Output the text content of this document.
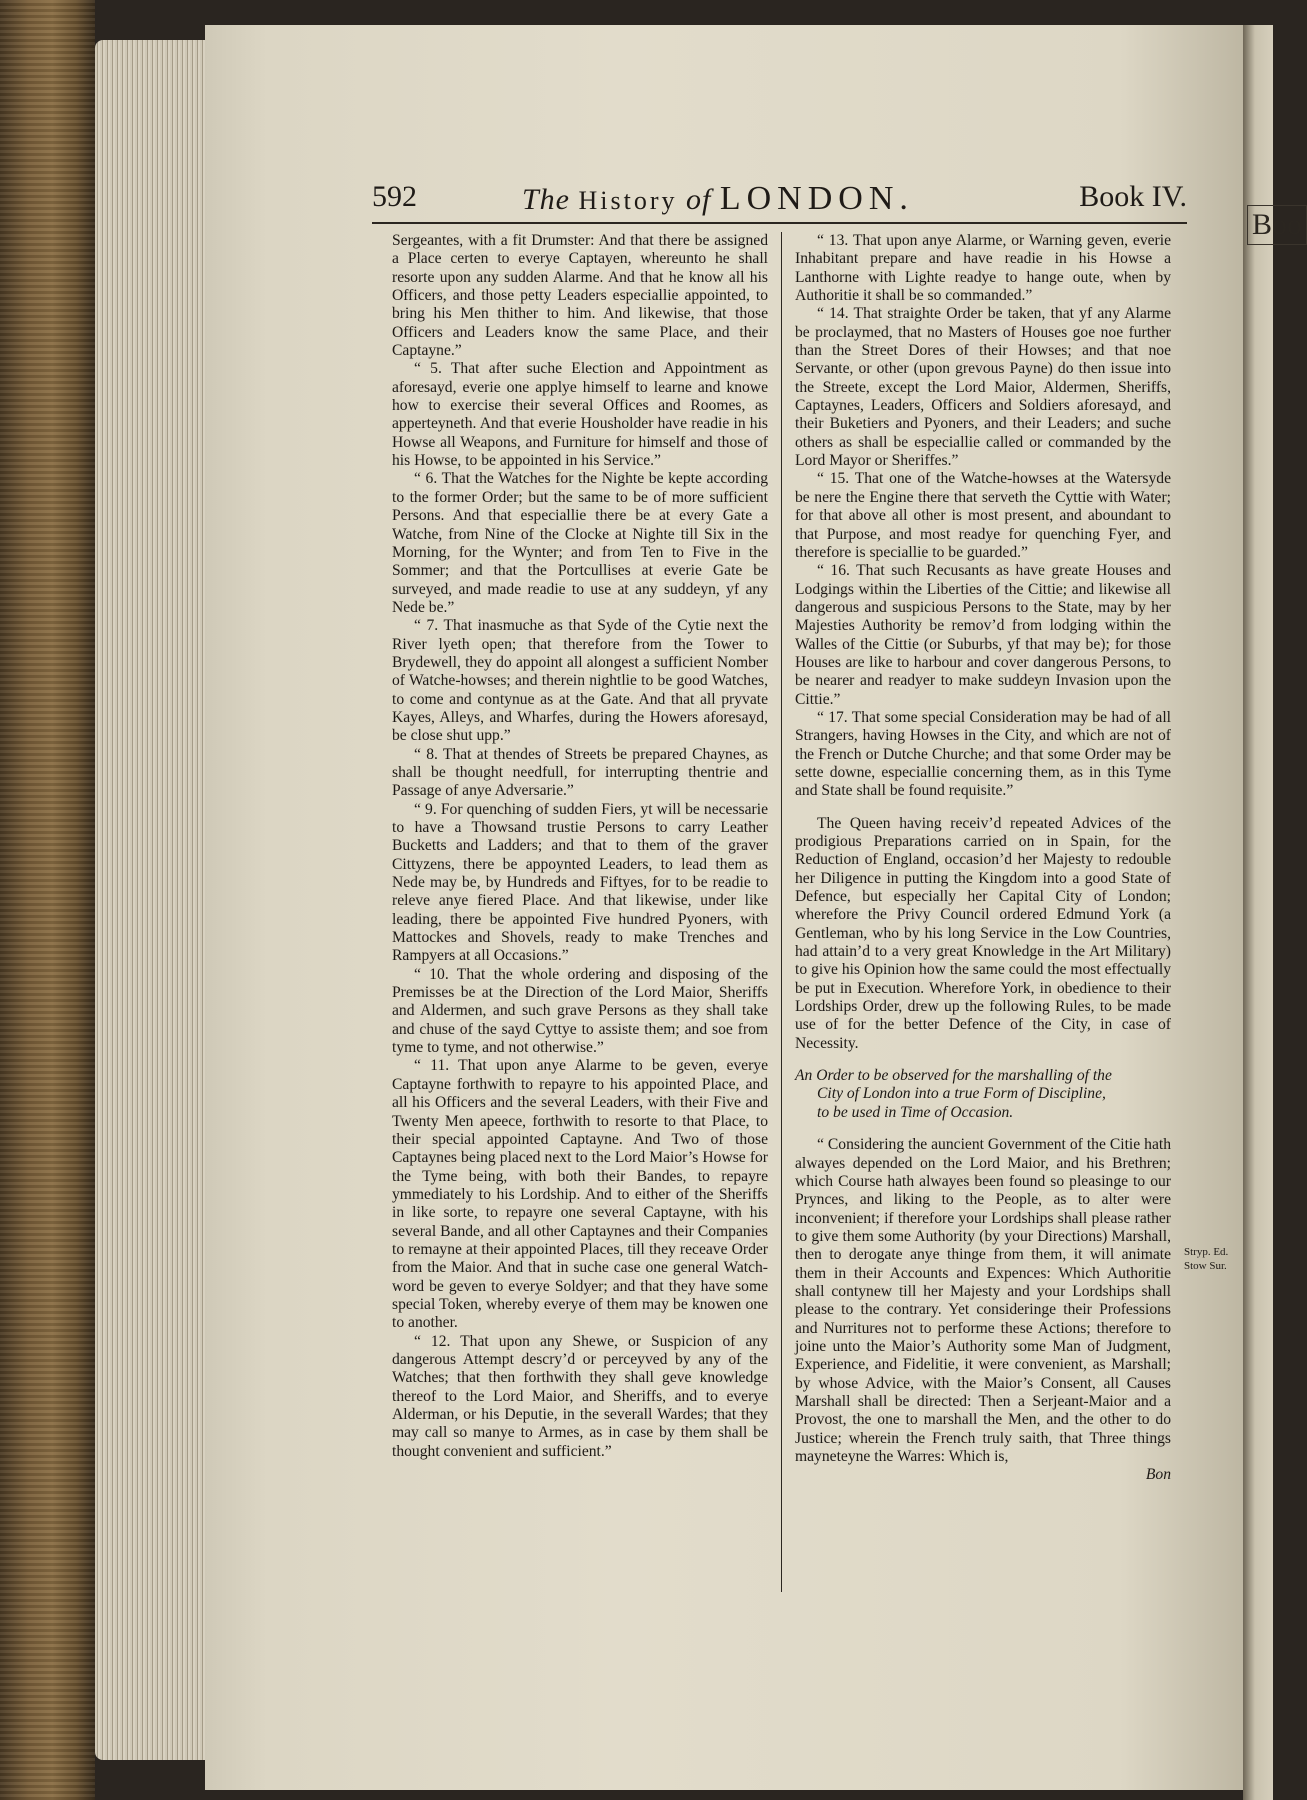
Boo
592	The History of LONDON.	Book IV.

Sergeantes, with a fit Drumster: And that there be assigned a Place certen to everye Captayen, whereunto he shall resorte upon any sudden Alarme. And that he know all his Officers, and those petty Leaders especiallie appointed, to bring his Men thither to him. And likewise, that those Officers and Leaders know the same Place, and their Captayne.”

“ 5. That after suche Election and Appointment as aforesayd, everie one applye himself to learne and knowe how to exercise their several Offices and Roomes, as apperteyneth. And that everie Housholder have readie in his Howse all Weapons, and Furniture for himself and those of his Howse, to be appointed in his Service.”

“ 6. That the Watches for the Nighte be kepte according to the former Order; but the same to be of more sufficient Persons. And that especiallie there be at every Gate a Watche, from Nine of the Clocke at Nighte till Six in the Morning, for the Wynter; and from Ten to Five in the Sommer; and that the Portcullises at everie Gate be surveyed, and made readie to use at any suddeyn, yf any Nede be.”

“ 7. That inasmuche as that Syde of the Cytie next the River lyeth open; that therefore from the Tower to Brydewell, they do appoint all alongest a sufficient Nomber of Watche-howses; and therein nightlie to be good Watches, to come and contynue as at the Gate. And that all pryvate Kayes, Alleys, and Wharfes, during the Howers aforesayd, be close shut upp.”

“ 8. That at thendes of Streets be prepared Chaynes, as shall be thought needfull, for interrupting thentrie and Passage of anye Adversarie.”

“ 9. For quenching of sudden Fiers, yt will be necessarie to have a Thowsand trustie Persons to carry Leather Bucketts and Ladders; and that to them of the graver Cittyzens, there be appoynted Leaders, to lead them as Nede may be, by Hundreds and Fiftyes, for to be readie to releve anye fiered Place. And that likewise, under like leading, there be appointed Five hundred Pyoners, with Mattockes and Shovels, ready to make Trenches and Rampyers at all Occasions.”

“ 10. That the whole ordering and disposing of the Premisses be at the Direction of the Lord Maior, Sheriffs and Aldermen, and such grave Persons as they shall take and chuse of the sayd Cyttye to assiste them; and soe from tyme to tyme, and not otherwise.”

“ 11. That upon anye Alarme to be geven, everye Captayne forthwith to repayre to his appointed Place, and all his Officers and the several Leaders, with their Five and Twenty Men apeece, forthwith to resorte to that Place, to their special appointed Captayne. And Two of those Captaynes being placed next to the Lord Maior’s Howse for the Tyme being, with both their Bandes, to repayre ymmediately to his Lordship. And to either of the Sheriffs in like sorte, to repayre one several Captayne, with his several Bande, and all other Captaynes and their Companies to remayne at their appointed Places, till they receave Order from the Maior. And that in suche case one general Watch-word be geven to everye Soldyer; and that they have some special Token, whereby everye of them may be knowen one to another.

“ 12. That upon any Shewe, or Suspicion of any dangerous Attempt descry’d or perceyved by any of the Watches; that then forthwith they shall geve knowledge thereof to the Lord Maior, and Sheriffs, and to everye Alderman, or his Deputie, in the severall Wardes; that they may call so manye to Armes, as in case by them shall be thought convenient and sufficient.”

“ 13. That upon anye Alarme, or Warning geven, everie Inhabitant prepare and have readie in his Howse a Lanthorne with Lighte readye to hange oute, when by Authoritie it shall be so commanded.”

“ 14. That straighte Order be taken, that yf any Alarme be proclaymed, that no Masters of Houses goe noe further than the Street Dores of their Howses; and that noe Servante, or other (upon grevous Payne) do then issue into the Streete, except the Lord Maior, Aldermen, Sheriffs, Captaynes, Leaders, Officers and Soldiers aforesayd, and their Buketiers and Pyoners, and their Leaders; and suche others as shall be especiallie called or commanded by the Lord Mayor or Sheriffes.”

“ 15. That one of the Watche-howses at the Watersyde be nere the Engine there that serveth the Cyttie with Water; for that above all other is most present, and aboundant to that Purpose, and most readye for quenching Fyer, and therefore is speciallie to be guarded.”

“ 16. That such Recusants as have greate Houses and Lodgings within the Liberties of the Cittie; and likewise all dangerous and suspicious Persons to the State, may by her Majesties Authority be remov’d from lodging within the Walles of the Cittie (or Suburbs, yf that may be); for those Houses are like to harbour and cover dangerous Persons, to be nearer and readyer to make suddeyn Invasion upon the Cittie.”

“ 17. That some special Consideration may be had of all Strangers, having Howses in the City, and which are not of the French or Dutche Churche; and that some Order may be sette downe, especiallie concerning them, as in this Tyme and State shall be found requisite.”

The Queen having receiv’d repeated Advices of the prodigious Preparations carried on in Spain, for the Reduction of England, occasion’d her Majesty to redouble her Diligence in putting the Kingdom into a good State of Defence, but especially her Capital City of London; wherefore the Privy Council ordered Edmund York (a Gentleman, who by his long Service in the Low Countries, had attain’d to a very great Knowledge in the Art Military) to give his Opinion how the same could the most effectually be put in Execution. Wherefore York, in obedience to their Lordships Order, drew up the following Rules, to be made use of for the better Defence of the City, in case of Necessity.

An Order to be observed for the marshalling of the
City of London into a true Form of Discipline,
to be used in Time of Occasion.

“ Considering the auncient Government of the Citie hath alwayes depended on the Lord Maior, and his Brethren; which Course hath alwayes been found so pleasinge to our Prynces, and liking to the People, as to alter were inconvenient; if therefore your Lordships shall please rather to give them some Authority (by your Directions) Marshall, then to derogate anye thinge from them, it will animate them in their Accounts and Expences: Which Authoritie shall contynew till her Majesty and your Lordships shall please to the contrary. Yet consideringe their Professions and Nurritures not to performe these Actions; therefore to joine unto the Maior’s Authority some Man of Judgment, Experience, and Fidelitie, it were convenient, as Marshall; by whose Advice, with the Maior’s Consent, all Causes Marshall shall be directed: Then a Serjeant-Maior and a Provost, the one to marshall the Men, and the other to do Justice; wherein the French truly saith, that Three things mayneteyne the Warres: Which is,

Bon

Stryp. Ed.
Stow Sur.
